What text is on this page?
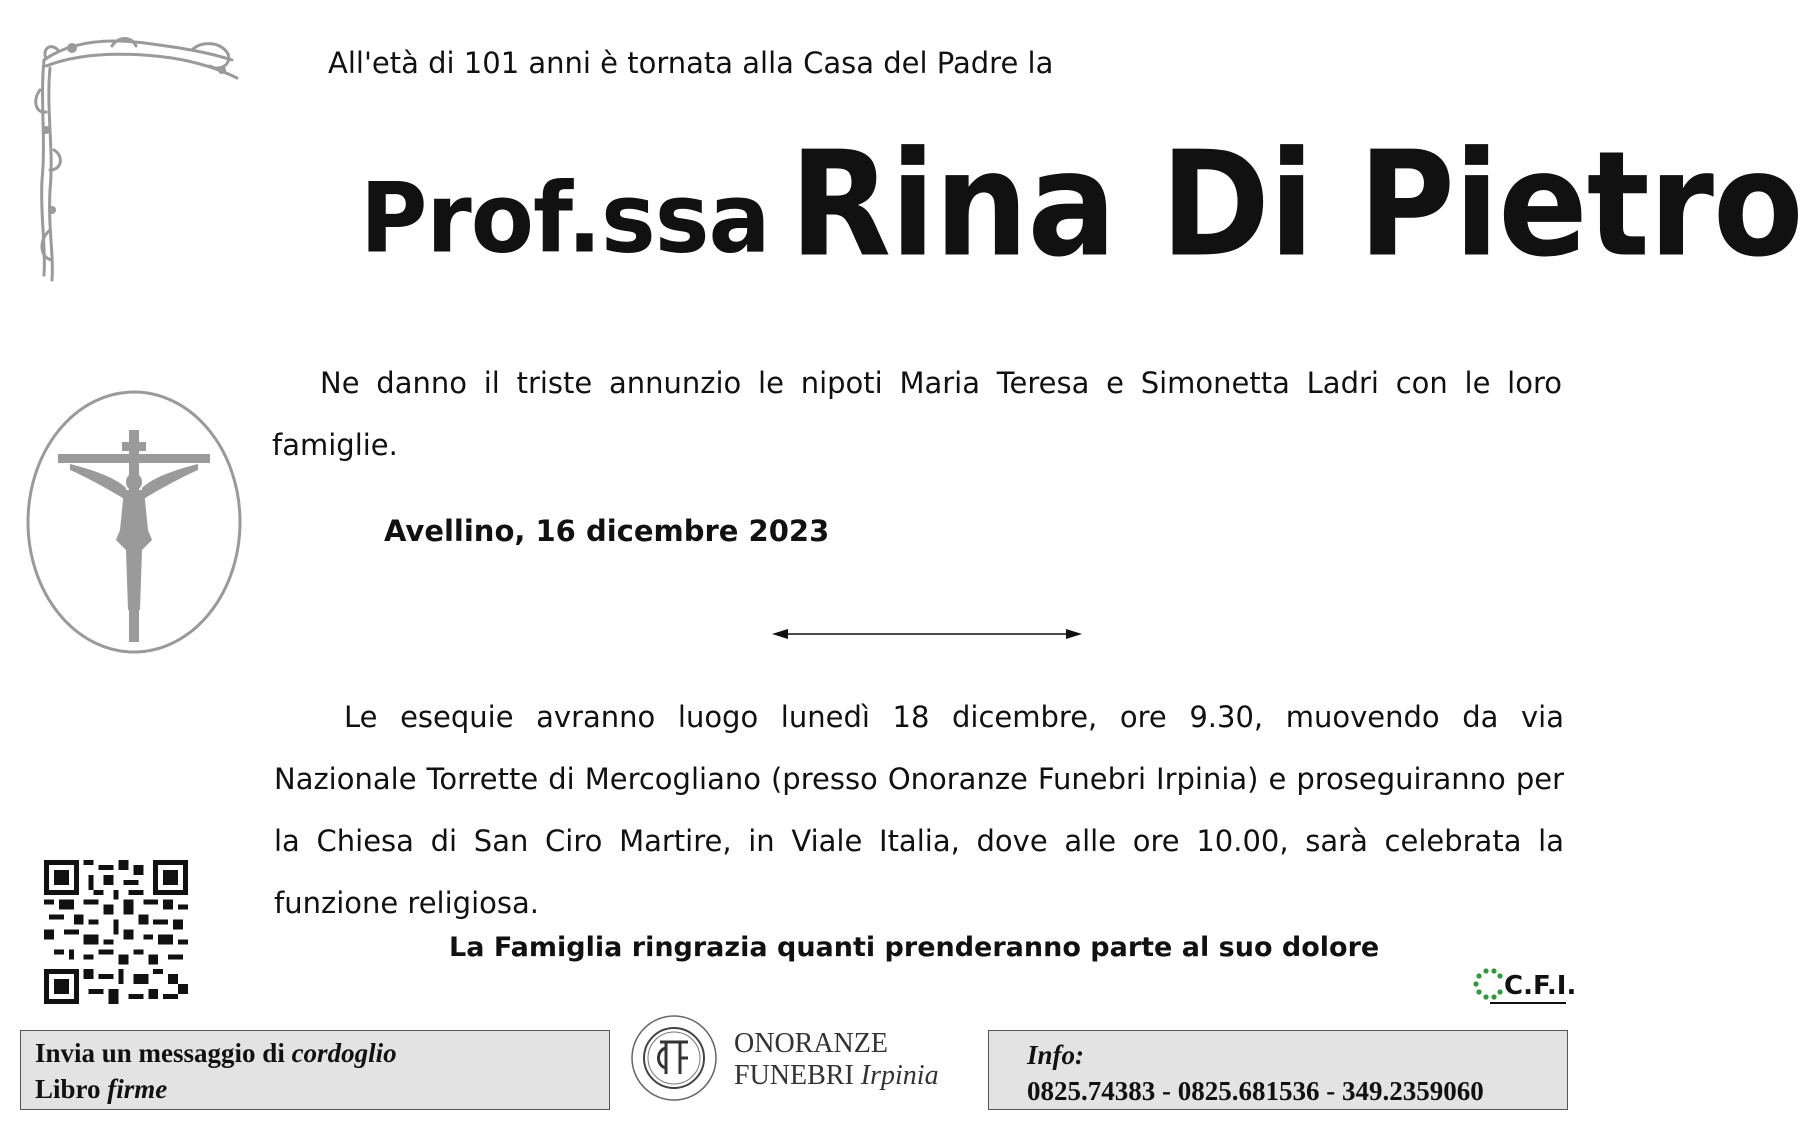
All'età di 101 anni è tornata alla Casa del Padre la
Prof.ssa Rina Di Pietro
Ne danno il triste annunzio le nipoti Maria Teresa e Simonetta Ladri con le loro famiglie.
Avellino, 16 dicembre 2023
Le esequie avranno luogo lunedì 18 dicembre, ore 9.30, muovendo da via Nazionale Torrette di Mercogliano (presso Onoranze Funebri Irpinia) e proseguiranno per la Chiesa di San Ciro Martire, in Viale Italia, dove alle ore 10.00, sarà celebrata la funzione religiosa.
La Famiglia ringrazia quanti prenderanno parte al suo dolore
C.F.I.
Invia un messaggio di cordoglio
Libro firme
ONORANZE
FUNEBRI Irpinia
Info:
0825.74383 - 0825.681536 - 349.2359060
